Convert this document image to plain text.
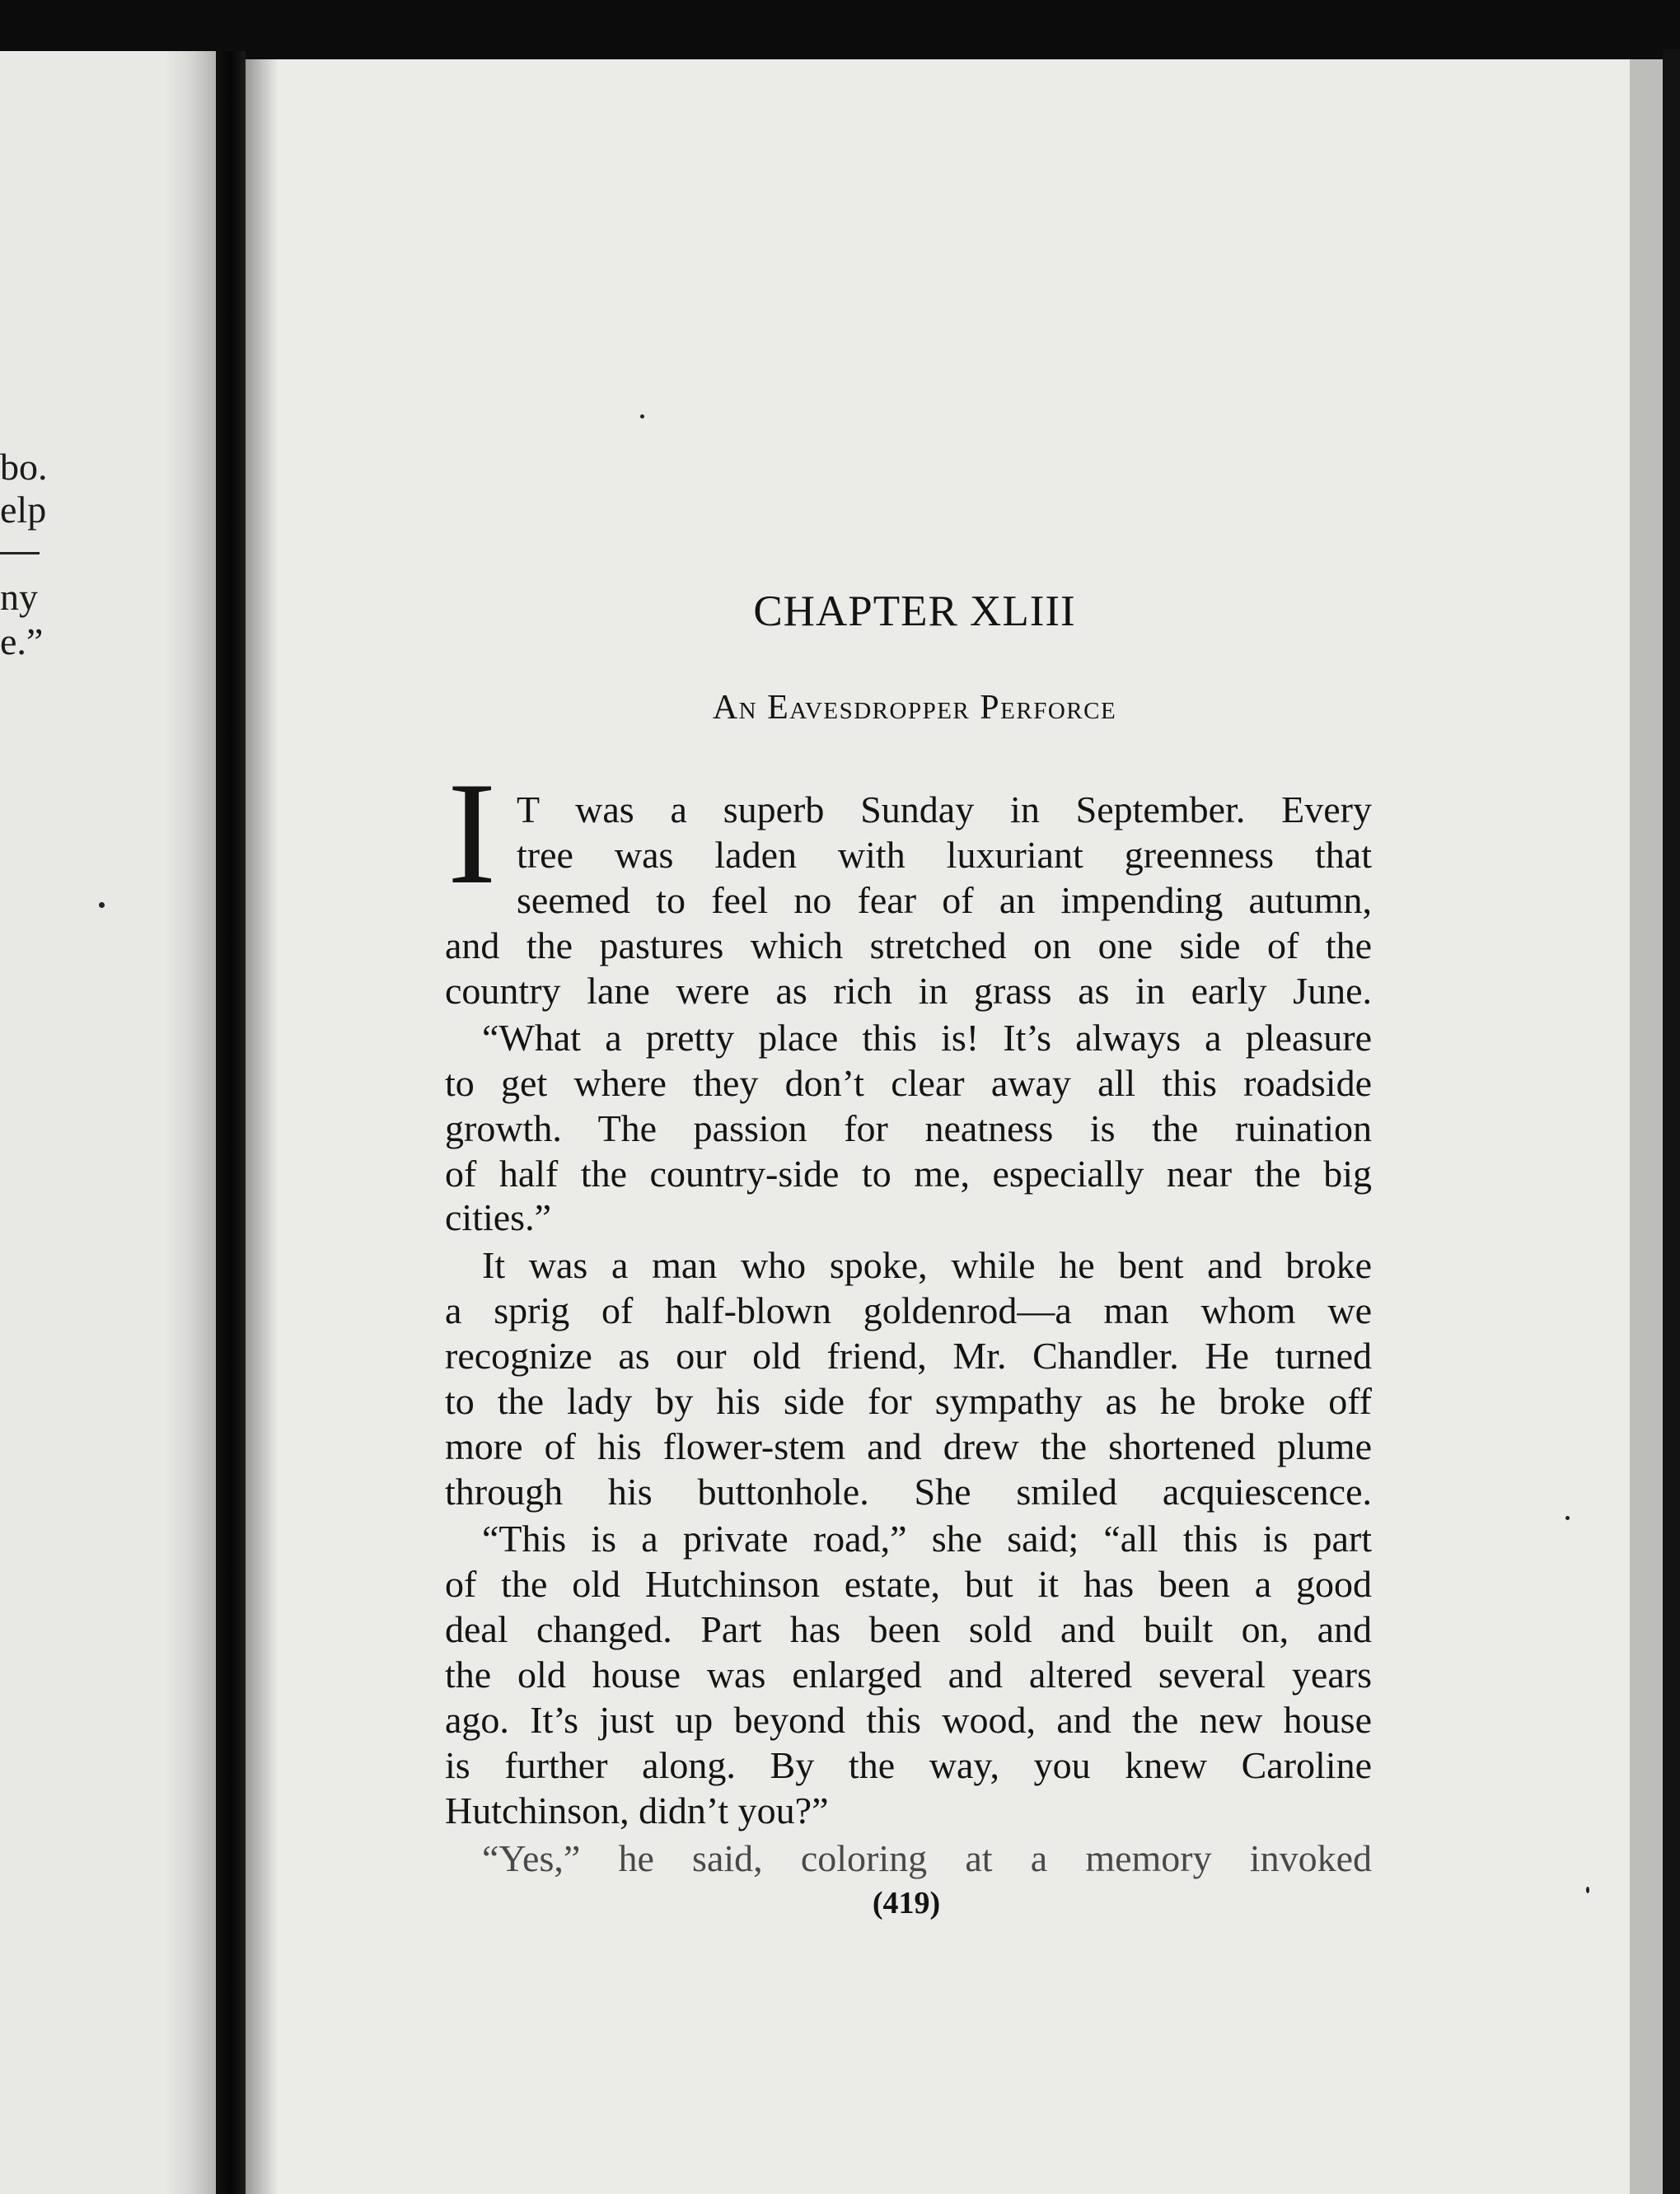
bo.
elp
ny
e.”
CHAPTER XLIII
An Eavesdropper Perforce
I T was a superb Sunday in September. Every
tree was laden with luxuriant greenness that
seemed to feel no fear of an impending autumn,
and the pastures which stretched on one side of the
country lane were as rich in grass as in early June.
“What a pretty place this is! It’s always a pleasure
to get where they don’t clear away all this roadside
growth. The passion for neatness is the ruination
of half the country-side to me, especially near the big
cities.”
It was a man who spoke, while he bent and broke
a sprig of half-blown goldenrod—a man whom we
recognize as our old friend, Mr. Chandler. He turned
to the lady by his side for sympathy as he broke off
more of his flower-stem and drew the shortened plume
through his buttonhole. She smiled acquiescence.
“This is a private road,” she said; “all this is part
of the old Hutchinson estate, but it has been a good
deal changed. Part has been sold and built on, and
the old house was enlarged and altered several years
ago. It’s just up beyond this wood, and the new house
is further along. By the way, you knew Caroline
Hutchinson, didn’t you?”
“Yes,” he said, coloring at a memory invoked
(419)
